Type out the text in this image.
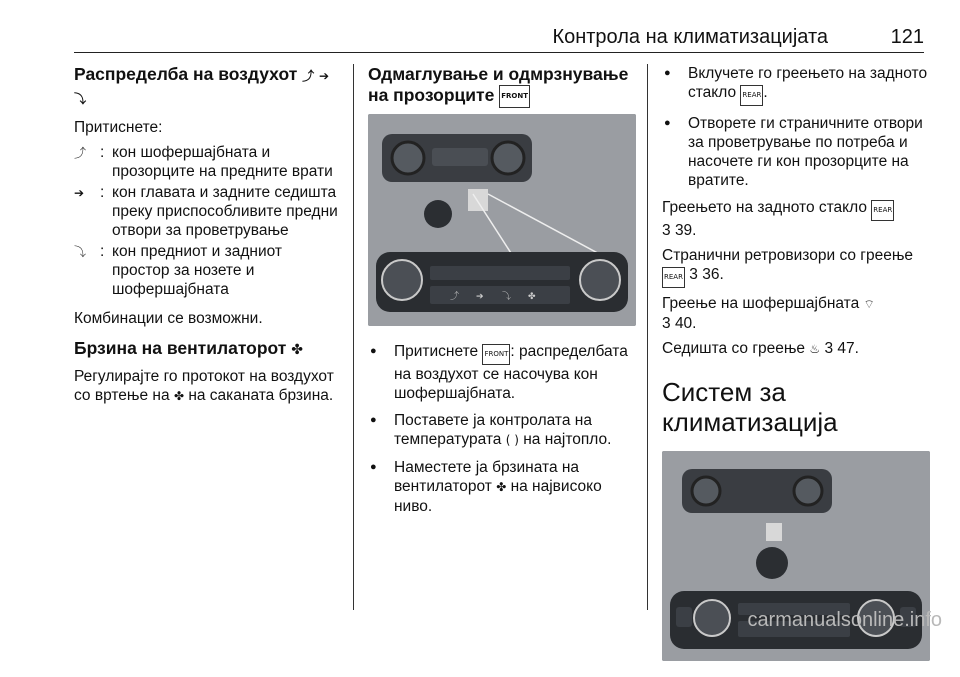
Контрола на климатизацијата	121
Распределба на воздухот ⤴ ➔ ⤵

Притиснете:

⤴ : кон шофершајбната и прозорците на предните врати
➔	: кон главата и задните седишта преку приспособливите предни отвори за проветрување
⤵ : кон предниот и задниот простор за нозете и шофершајбната

Комбинации се возможни.

Брзина на вентилаторот ✤

Регулирајте го протокот на воздухот со вртење на ✤ на саканата брзина.

Одмаглување и одмрзнување
на прозорците FRONT
⤴ ➔ ⤵ ✤
● Притиснете FRONT : распределбата на воздухот се насочува кон шофершајбната.
● Поставете ја контролата на температурата ( ) на најтопло.
● Наместете ја брзината на вентилаторот ✤ на највисоко ниво.
● Вклучете го греењето на задното стакло REAR .
● Отворете ги страничните отвори за проветрување по потреба и насочете ги кон прозорците на вратите.

Греењето на задното стакло REAR
3 39.

Странични ретровизори со греење
REAR 3 36.

Греење на шофершајбната ⌔
3 40.

Седишта со греење ♨ 3 47.

Систем за климатизација
carmanualsonline.info
